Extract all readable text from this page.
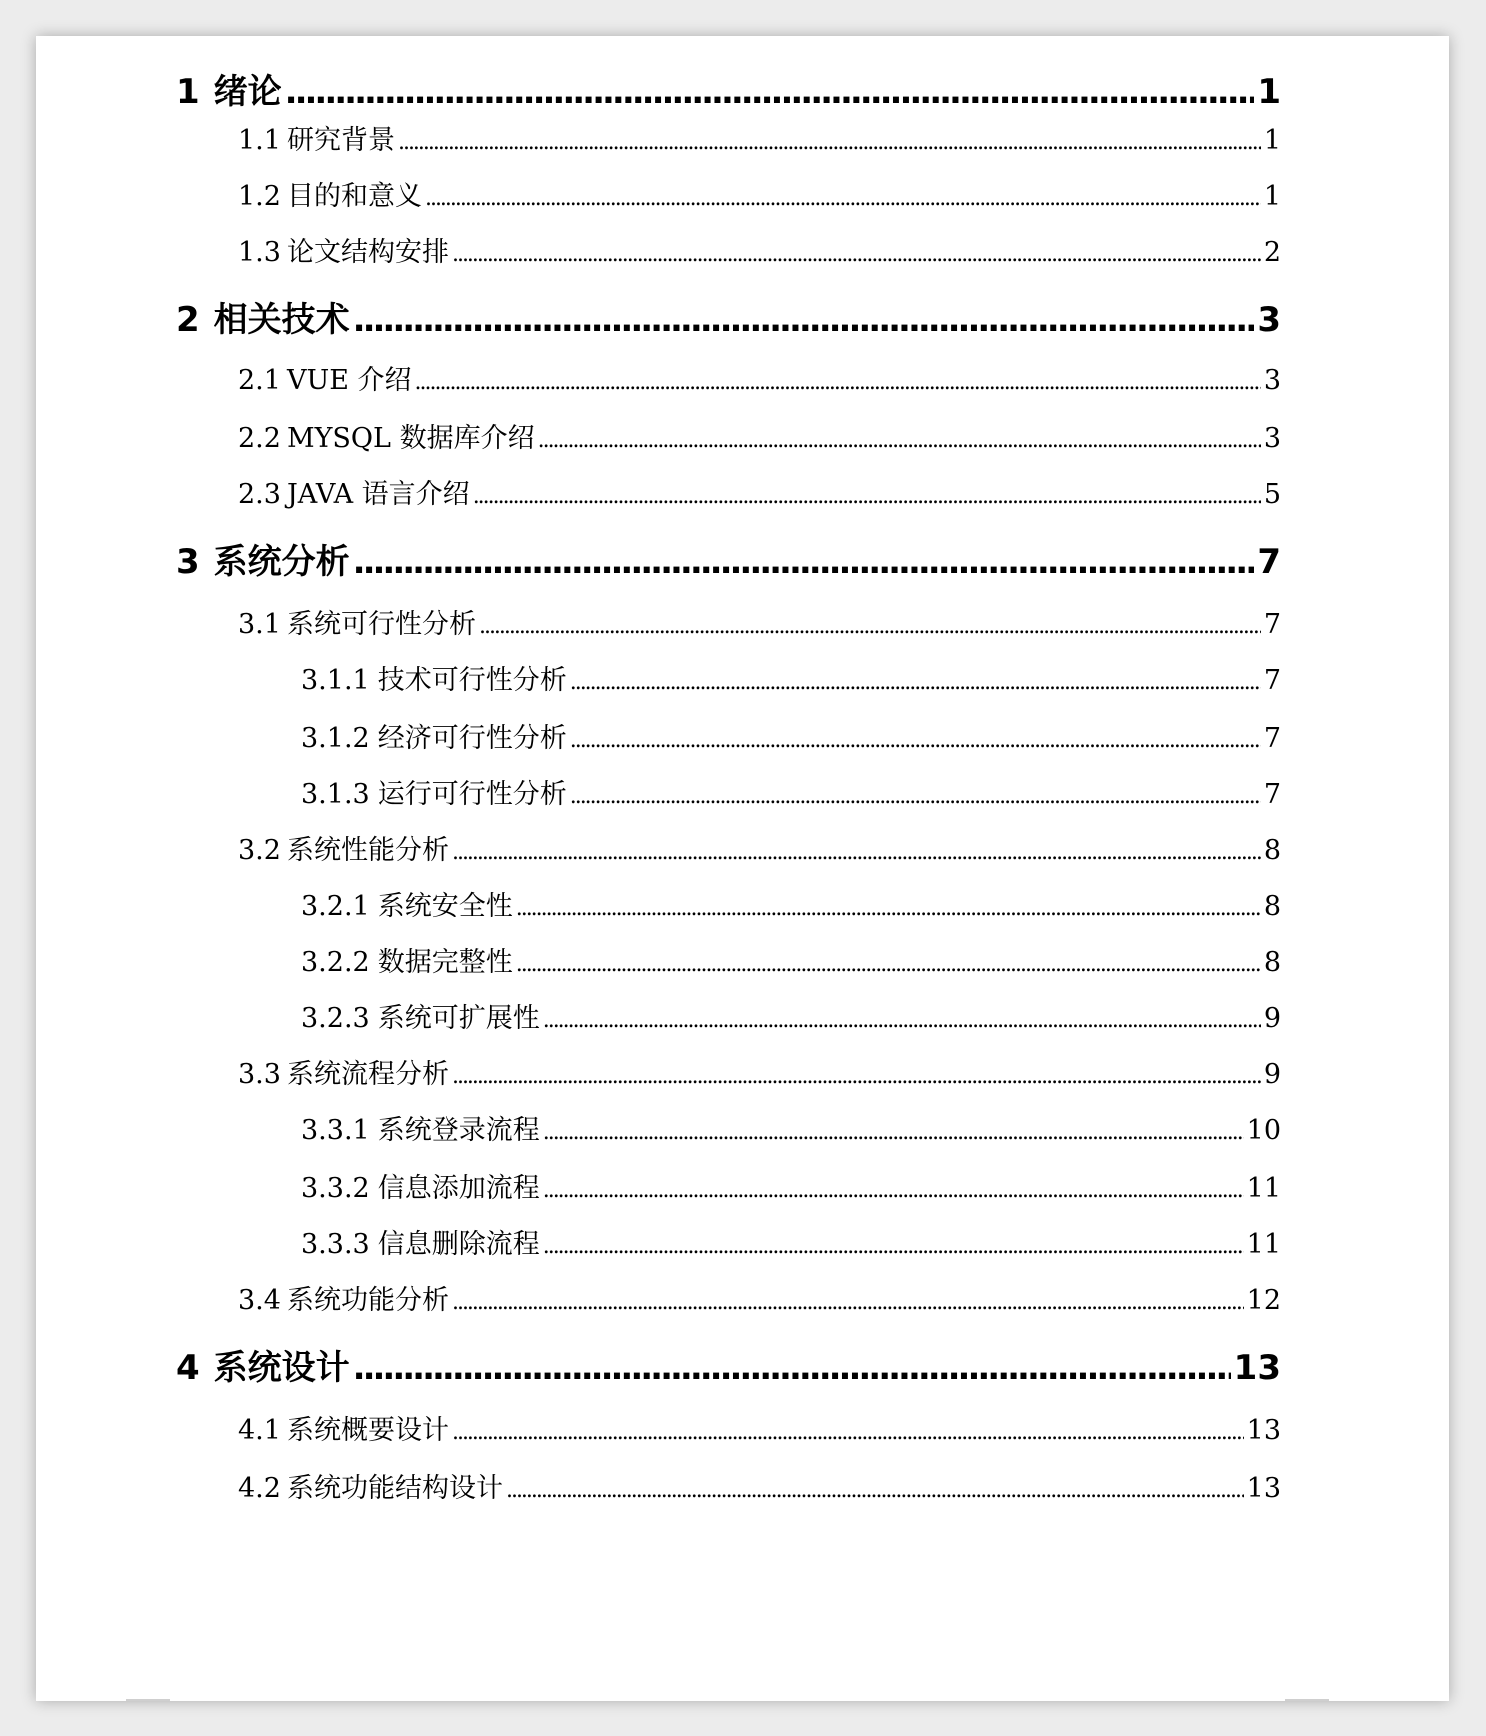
1 绪论 .....	1
1.1 研究背景 .....	1
1.2 目的和意义 .....	1
1.3 论文结构安排 .....	2
2 相关技术 .....	3
2.1 VUE 介绍 .....	3
2.2 MYSQL 数据库介绍 .....	3
2.3 JAVA 语言介绍 .....	5
3 系统分析 .....	7
3.1 系统可行性分析 .....	7
3.1.1 技术可行性分析 .....	7
3.1.2 经济可行性分析 .....	7
3.1.3 运行可行性分析 .....	7
3.2 系统性能分析 .....	8
3.2.1 系统安全性 .....	8
3.2.2 数据完整性 .....	8
3.2.3 系统可扩展性 .....	9
3.3 系统流程分析 .....	9
3.3.1 系统登录流程 .....	10
3.3.2 信息添加流程 .....	11
3.3.3 信息删除流程 .....	11
3.4 系统功能分析 .....	12
4 系统设计 .....	13
4.1 系统概要设计 .....	13
4.2 系统功能结构设计 .....	13
